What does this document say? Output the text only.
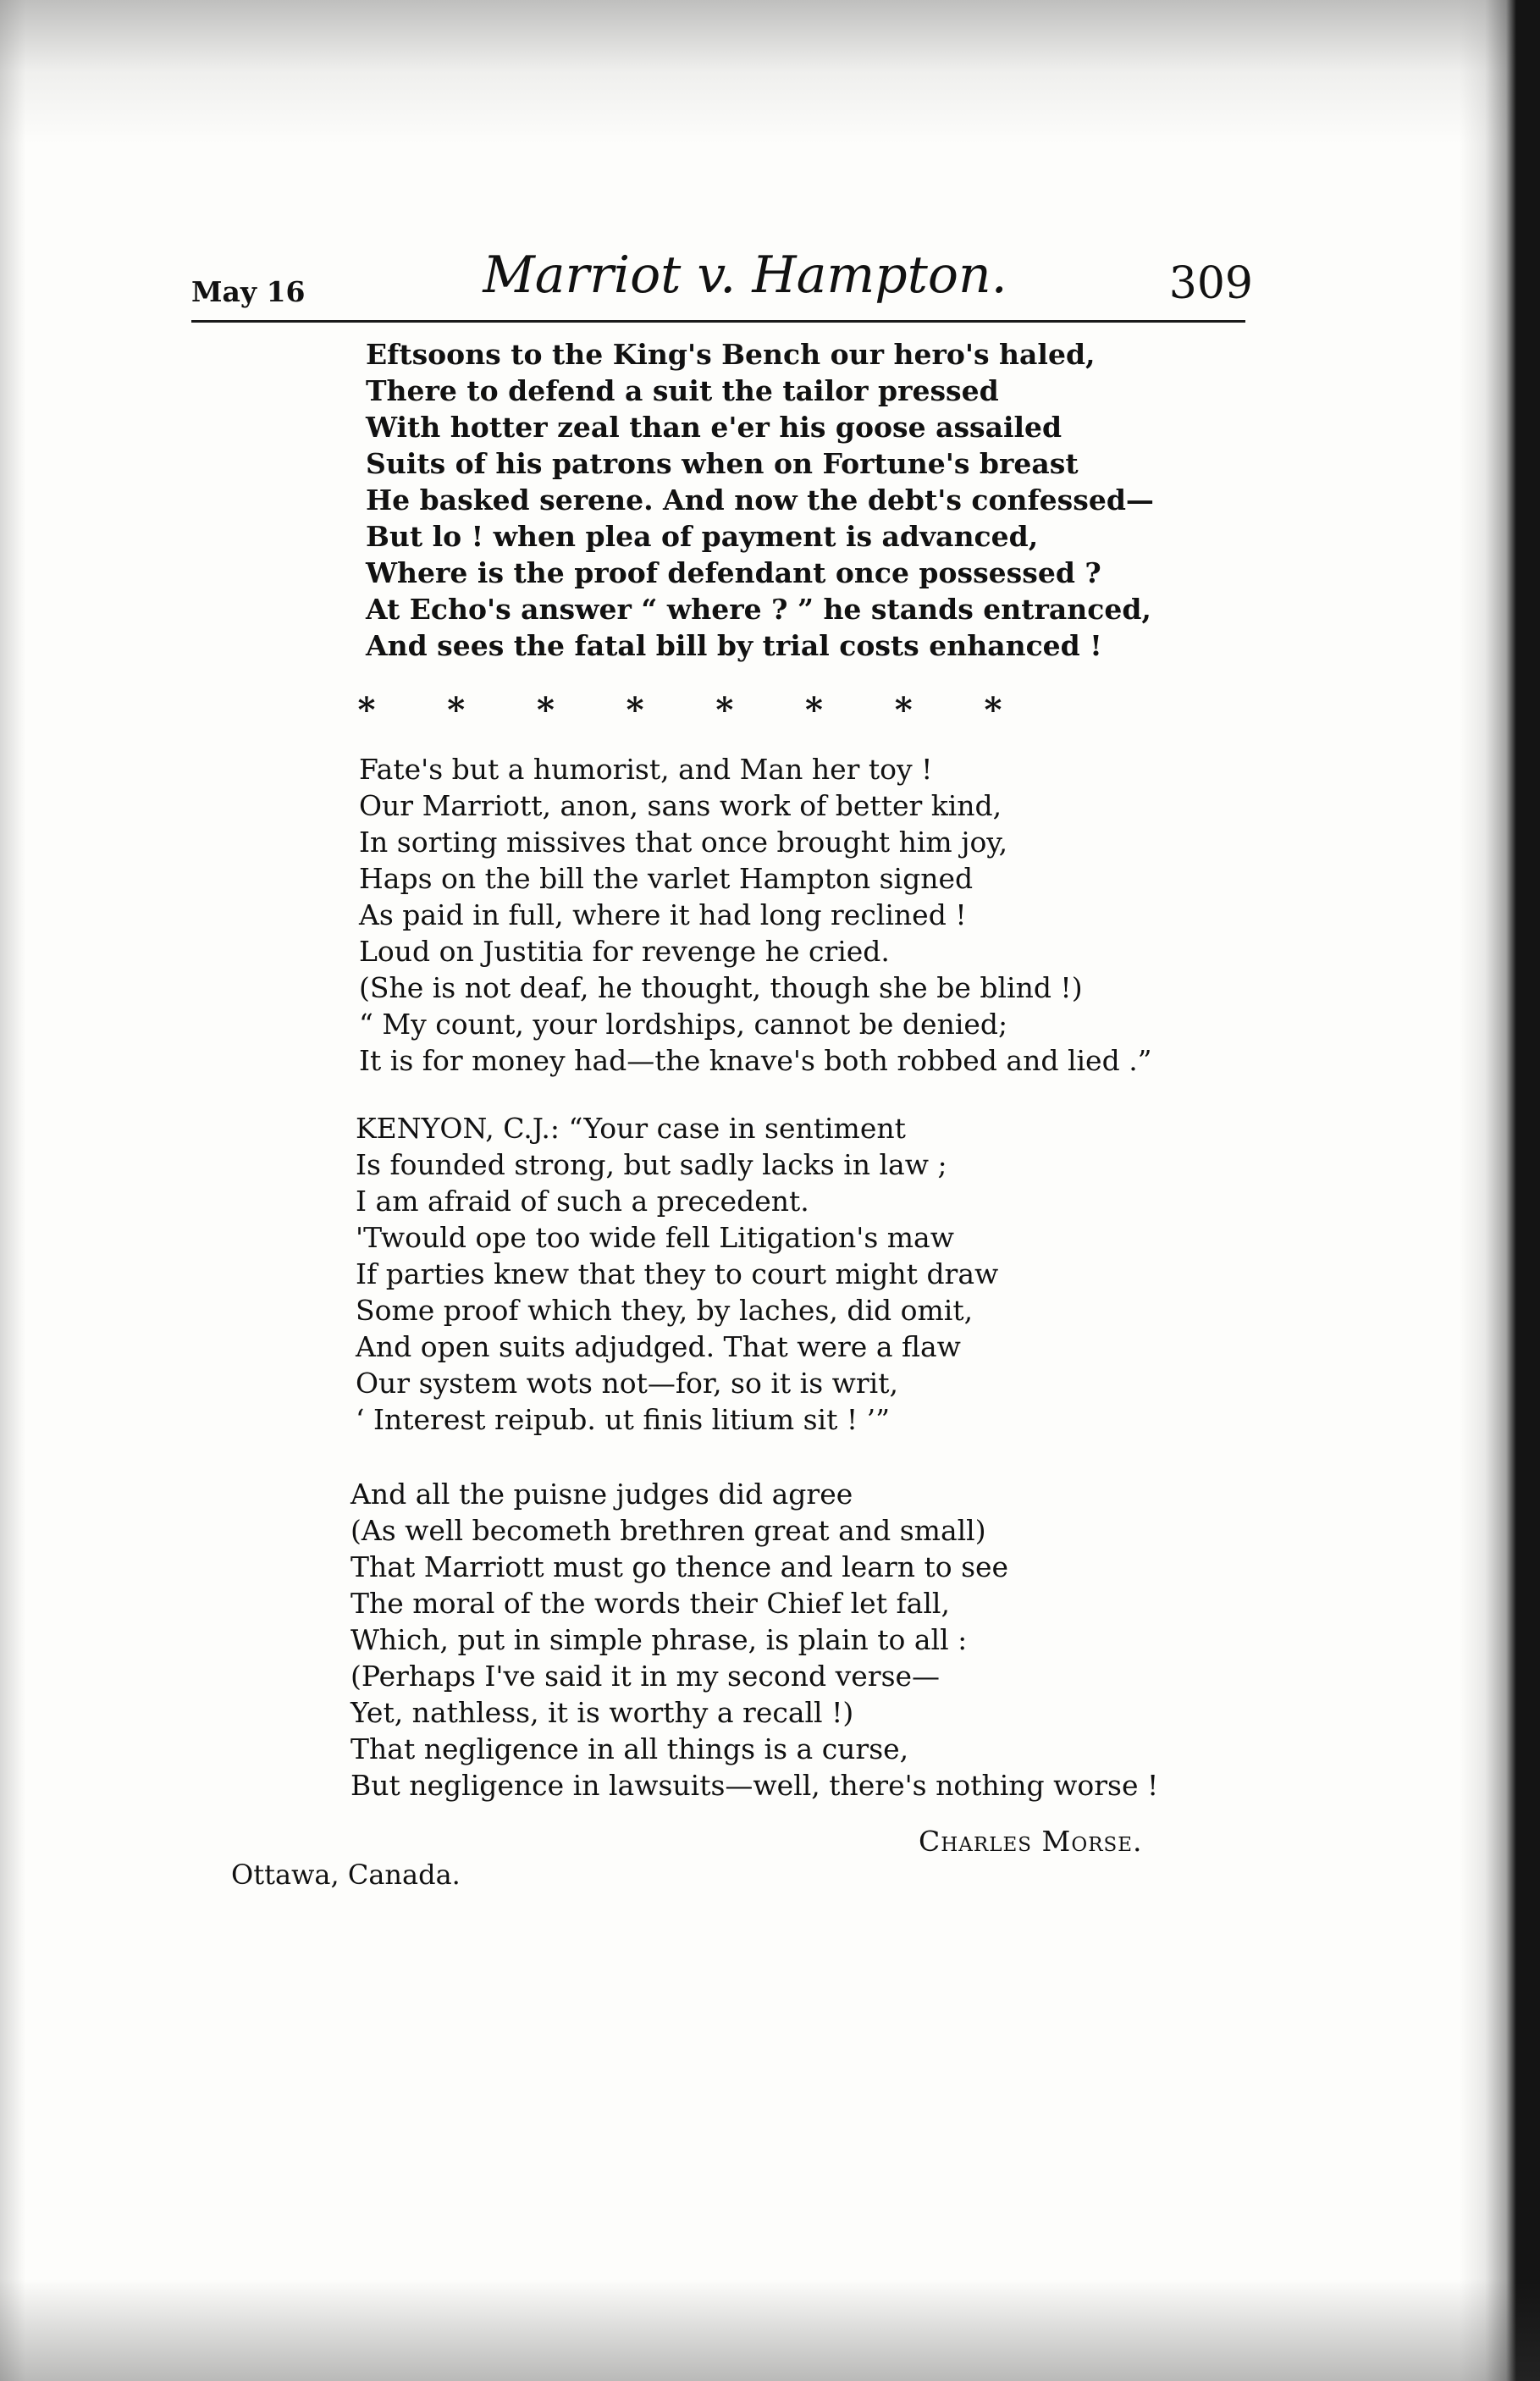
May 16	Marriot v. Hampton.	309
Eftsoons to the King's Bench our hero's haled,
There to defend a suit the tailor pressed
With hotter zeal than e'er his goose assailed
Suits of his patrons when on Fortune's breast
He basked serene. And now the debt's confessed—
But lo ! when plea of payment is advanced,
Where is the proof defendant once possessed ?
At Echo's answer “ where ? ” he stands entranced,
And sees the fatal bill by trial costs enhanced !
* * * * * * * *
Fate's but a humorist, and Man her toy !
Our Marriott, anon, sans work of better kind,
In sorting missives that once brought him joy,
Haps on the bill the varlet Hampton signed
As paid in full, where it had long reclined !
Loud on Justitia for revenge he cried.
(She is not deaf, he thought, though she be blind !)
“ My count, your lordships, cannot be denied;
It is for money had—the knave's both robbed and lied .”
KENYON, C.J.: “Your case in sentiment
Is founded strong, but sadly lacks in law ;
I am afraid of such a precedent.
'Twould ope too wide fell Litigation's maw
If parties knew that they to court might draw
Some proof which they, by laches, did omit,
And open suits adjudged. That were a flaw
Our system wots not—for, so it is writ,
‘ Interest reipub. ut finis litium sit ! ’”
And all the puisne judges did agree
(As well becometh brethren great and small)
That Marriott must go thence and learn to see
The moral of the words their Chief let fall,
Which, put in simple phrase, is plain to all :
(Perhaps I've said it in my second verse—
Yet, nathless, it is worthy a recall !)
That negligence in all things is a curse,
But negligence in lawsuits—well, there's nothing worse !
Charles Morse.
Ottawa, Canada.
